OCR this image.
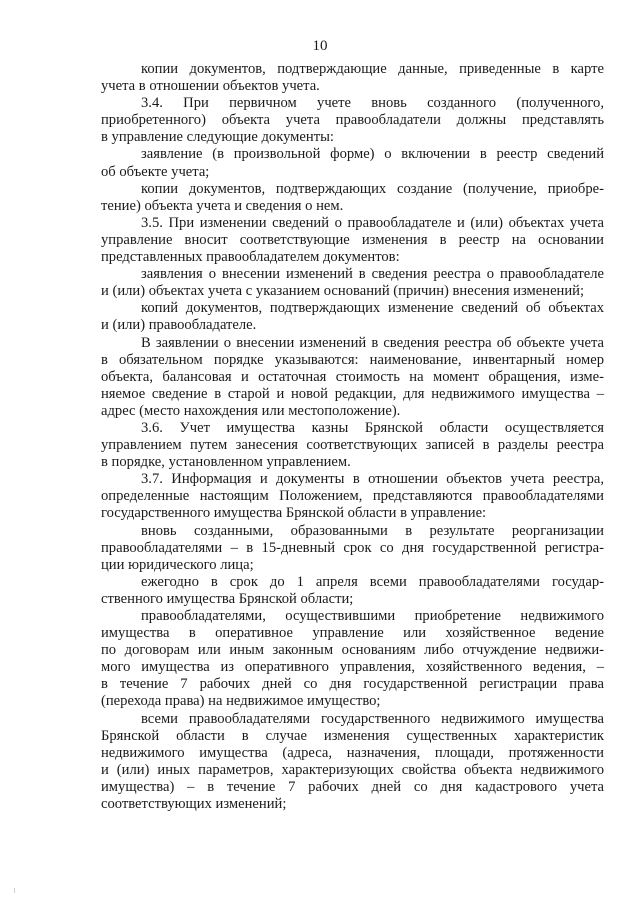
10
копии документов, подтверждающие данные, приведенные в карте
учета в отношении объектов учета.
3.4. При первичном учете вновь созданного (полученного,
приобретенного) объекта учета правообладатели должны представлять
в управление следующие документы:
заявление (в произвольной форме) о включении в реестр сведений
об объекте учета;
копии документов, подтверждающих создание (получение, приобре-
тение) объекта учета и сведения о нем.
3.5. При изменении сведений о правообладателе и (или) объектах учета
управление вносит соответствующие изменения в реестр на основании
представленных правообладателем документов:
заявления о внесении изменений в сведения реестра о правообладателе
и (или) объектах учета с указанием оснований (причин) внесения изменений;
копий документов, подтверждающих изменение сведений об объектах
и (или) правообладателе.
В заявлении о внесении изменений в сведения реестра об объекте учета
в обязательном порядке указываются: наименование, инвентарный номер
объекта, балансовая и остаточная стоимость на момент обращения, изме-
няемое сведение в старой и новой редакции, для недвижимого имущества –
адрес (место нахождения или местоположение).
3.6. Учет имущества казны Брянской области осуществляется
управлением путем занесения соответствующих записей в разделы реестра
в порядке, установленном управлением.
3.7. Информация и документы в отношении объектов учета реестра,
определенные настоящим Положением, представляются правообладателями
государственного имущества Брянской области в управление:
вновь созданными, образованными в результате реорганизации
правообладателями – в 15-дневный срок со дня государственной регистра-
ции юридического лица;
ежегодно в срок до 1 апреля всеми правообладателями государ-
ственного имущества Брянской области;
правообладателями, осуществившими приобретение недвижимого
имущества в оперативное управление или хозяйственное ведение
по договорам или иным законным основаниям либо отчуждение недвижи-
мого имущества из оперативного управления, хозяйственного ведения, –
в течение 7 рабочих дней со дня государственной регистрации права
(перехода права) на недвижимое имущество;
всеми правообладателями государственного недвижимого имущества
Брянской области в случае изменения существенных характеристик
недвижимого имущества (адреса, назначения, площади, протяженности
и (или) иных параметров, характеризующих свойства объекта недвижимого
имущества) – в течение 7 рабочих дней со дня кадастрового учета
соответствующих изменений;
